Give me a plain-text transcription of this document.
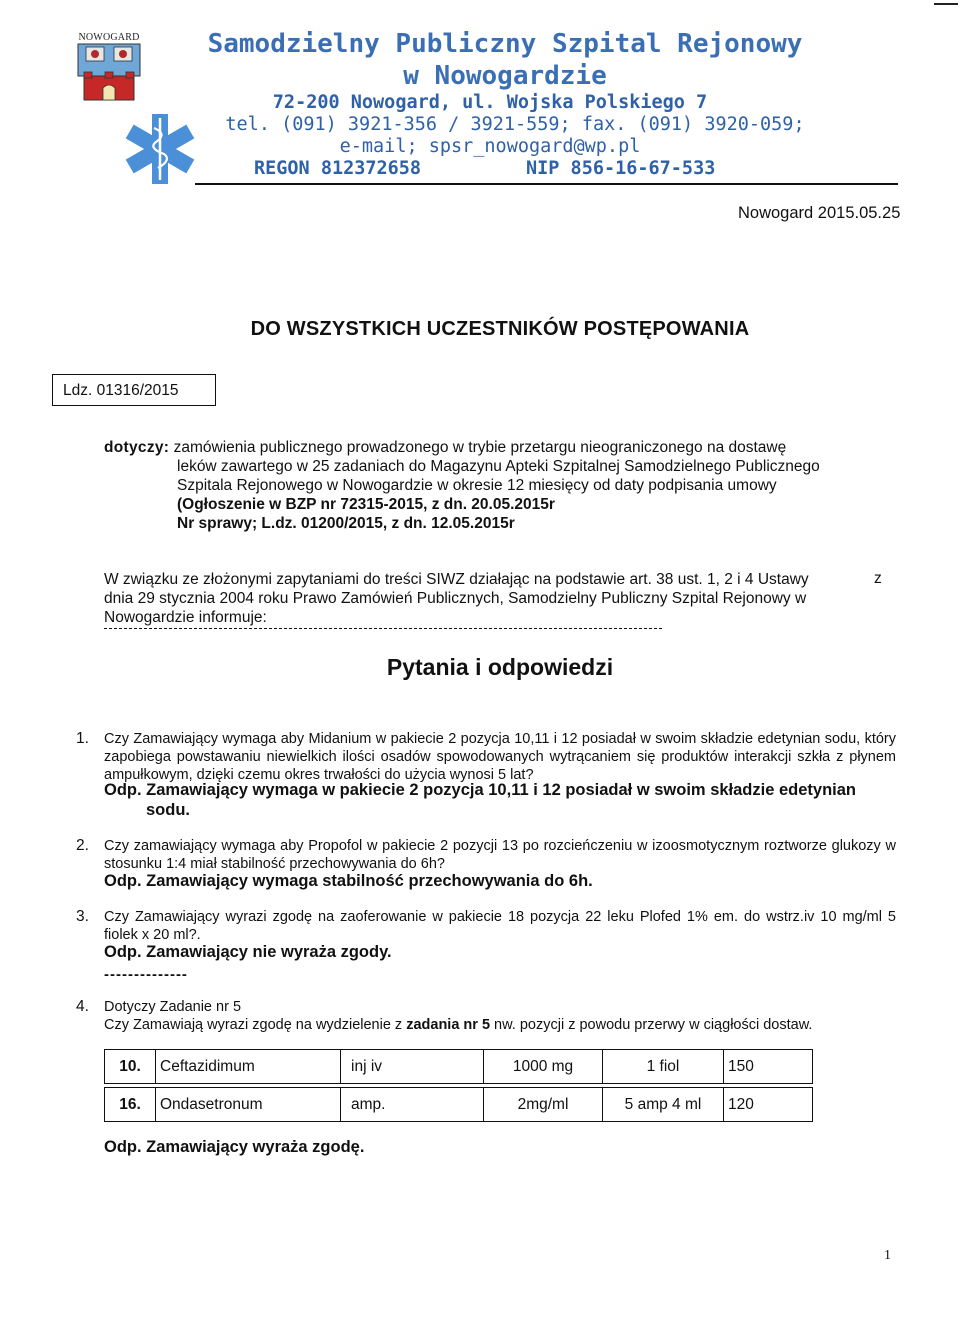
NOWOGARD	Samodzielny Publiczny Szpital Rejonowy
w Nowogardzie
72-200 Nowogard, ul. Wojska Polskiego 7
tel. (091) 3921-356 / 3921-559; fax. (091) 3920-059;
e-mail; spsr_nowogard@wp.pl
REGON 812372658	NIP 856-16-67-533
Nowogard 2015.05.25
DO WSZYSTKICH UCZESTNIKÓW POSTĘPOWANIA
Ldz. 01316/2015
dotyczy: zamówienia publicznego prowadzonego w trybie przetargu nieograniczonego na dostawę
leków zawartego w 25 zadaniach do Magazynu Apteki Szpitalnej Samodzielnego Publicznego
Szpitala Rejonowego w Nowogardzie w okresie 12 miesięcy od daty podpisania umowy
(Ogłoszenie w BZP nr 72315-2015, z dn. 20.05.2015r
Nr sprawy; L.dz. 01200/2015, z dn. 12.05.2015r
W związku ze złożonymi zapytaniami do treści SIWZ działając na podstawie art. 38 ust. 1, 2 i 4 Ustawy
dnia 29 stycznia 2004 roku Prawo Zamówień Publicznych, Samodzielny Publiczny Szpital Rejonowy w
Nowogardzie informuje:
z
Pytania i odpowiedzi
1. Czy Zamawiający wymaga aby Midanium w pakiecie 2 pozycja 10,11 i 12 posiadał w swoim składzie edetynian sodu, który zapobiega powstawaniu niewielkich ilości osadów spowodowanych wytrącaniem się produktów interakcji szkła z płynem ampułkowym, dzięki czemu okres trwałości do użycia wynosi 5 lat?
Odp. Zamawiający wymaga w pakiecie 2 pozycja 10,11 i 12 posiadał w swoim składzie edetynian
sodu.
2. Czy zamawiający wymaga aby Propofol w pakiecie 2 pozycji 13 po rozcieńczeniu w izoosmotycznym roztworze glukozy w stosunku 1:4 miał stabilność przechowywania do 6h?
Odp. Zamawiający wymaga stabilność przechowywania do 6h.
3. Czy Zamawiający wyrazi zgodę na zaoferowanie w pakiecie 18 pozycja 22 leku Plofed 1% em. do wstrz.iv 10 mg/ml 5 fiolek x 20 ml?.
Odp. Zamawiający nie wyraża zgody.
--------------
4. Dotyczy Zadanie nr 5
Czy Zamawiają wyrazi zgodę na wydzielenie z zadania nr 5 nw. pozycji z powodu przerwy w ciągłości dostaw.
10.	Ceftazidimum	inj iv	1000 mg	1 fiol	150

16.	Ondasetronum	amp.	2mg/ml	5 amp 4 ml	120
Odp. Zamawiający wyraża zgodę.
1
